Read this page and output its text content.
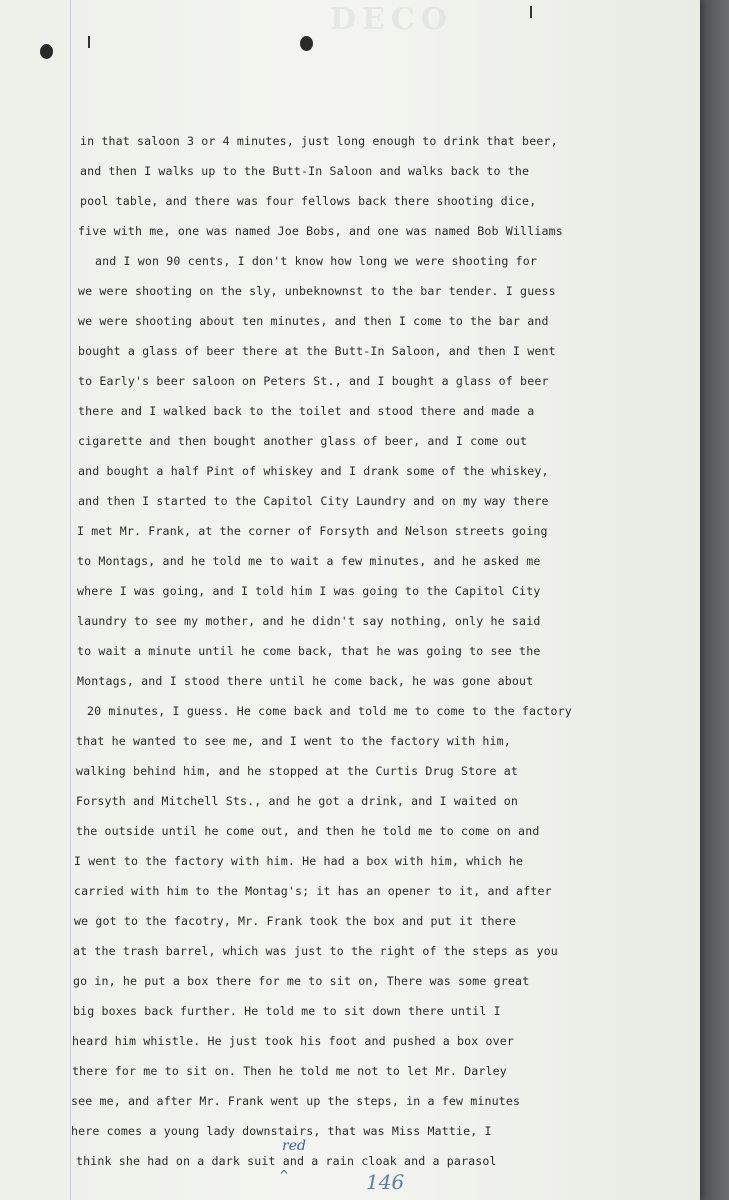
DECO
in that saloon 3 or 4 minutes, just long enough to drink that beer,
and then I walks up to the Butt-In Saloon and walks back to the
pool table, and there was four fellows back there shooting dice,
five with me, one was named Joe Bobs, and one was named Bob Williams
and I won 90 cents, I don't know how long we were shooting for
we were shooting on the sly, unbeknownst to the bar tender. I guess
we were shooting about ten minutes, and then I come to the bar and
bought a glass of beer there at the Butt-In Saloon, and then I went
to Early's beer saloon on Peters St., and I bought a glass of beer
there and I walked back to the toilet and stood there and made a
cigarette and then bought another glass of beer, and I come out
and bought a half Pint of whiskey and I drank some of the whiskey,
and then I started to the Capitol City Laundry and on my way there
I met Mr. Frank, at the corner of Forsyth and Nelson streets going
to Montags, and he told me to wait a few minutes, and he asked me
where I was going, and I told him I was going to the Capitol City
laundry to see my mother, and he didn't say nothing, only he said
to wait a minute until he come back, that he was going to see the
Montags, and I stood there until he come back, he was gone about
20 minutes, I guess. He come back and told me to come to the factory
that he wanted to see me, and I went to the factory with him,
walking behind him, and he stopped at the Curtis Drug Store at
Forsyth and Mitchell Sts., and he got a drink, and I waited on
the outside until he come out, and then he told me to come on and
I went to the factory with him. He had a box with him, which he
carried with him to the Montag's; it has an opener to it, and after
we got to the facotry, Mr. Frank took the box and put it there
at the trash barrel, which was just to the right of the steps as you
go in, he put a box there for me to sit on, There was some great
big boxes back further. He told me to sit down there until I
heard him whistle. He just took his foot and pushed a box over
there for me to sit on. Then he told me not to let Mr. Darley
see me, and after Mr. Frank went up the steps, in a few minutes
here comes a young lady downstairs, that was Miss Mattie, I
think she had on a dark suit and a rain cloak and a parasol
red
^	146
